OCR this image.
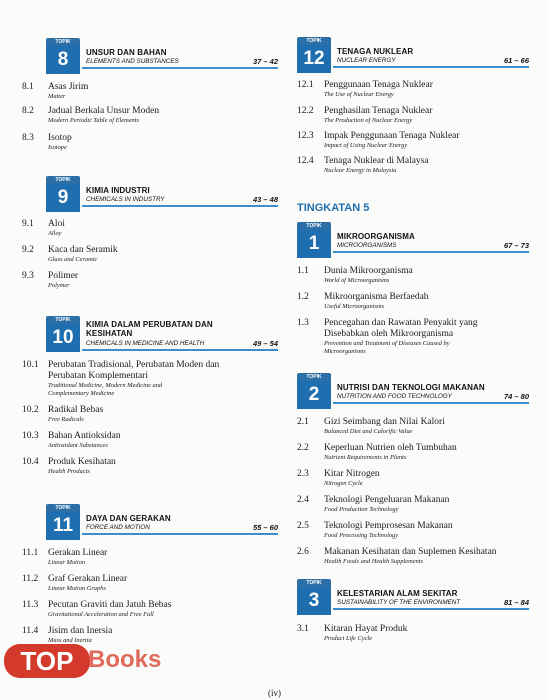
TOPIK
8	UNSUR DAN BAHAN
ELEMENTS AND SUBSTANCES	37 – 42
8.1 Asas Jirim
Matter
8.2 Jadual Berkala Unsur Moden
Modern Periodic Table of Elements
8.3 Isotop
Isotope
TOPIK
9	KIMIA INDUSTRI
CHEMICALS IN INDUSTRY	43 – 48
9.1 Aloi
Alloy
9.2 Kaca dan Seramik
Glass and Ceramic
9.3 Polimer
Polymer
TOPIK
10
KIMIA DALAM PERUBATAN DAN
KESIHATAN
CHEMICALS IN MEDICINE AND HEALTH	49 – 54
10.1 Perubatan Tradisional, Perubatan Moden dan
Perubatan Komplementari
Traditional Medicine, Modern Medicine and
Complementary Medicine
10.2 Radikal Bebas
Free Radicals
10.3 Bahan Antioksidan
Antioxidant Substances
10.4 Produk Kesihatan
Health Products
TOPIK
11	DAYA DAN GERAKAN
FORCE AND MOTION	55 – 60
11.1 Gerakan Linear
Linear Motion
11.2 Graf Gerakan Linear
Linear Motion Graphs
11.3 Pecutan Graviti dan Jatuh Bebas
Gravitational Acceleration and Free Fall
11.4 Jisim dan Inersia
Mass and Inertia
TINGKATAN 5
TOPIK
12	TENAGA NUKLEAR
NUCLEAR ENERGY	61 – 66
12.1 Penggunaan Tenaga Nuklear
The Use of Nuclear Energy
12.2 Penghasilan Tenaga Nuklear
The Production of Nuclear Energy
12.3 Impak Penggunaan Tenaga Nuklear
Impact of Using Nuclear Energy
12.4 Tenaga Nuklear di Malaysa
Nuclear Energy in Malaysia
TOPIK
1	MIKROORGANISMA
MICROORGANISMS	67 – 73
1.1 Dunia Mikroorganisma
World of Microorganisms
1.2 Mikroorganisma Berfaedah
Useful Microorganisms
1.3 Pencegahan dan Rawatan Penyakit yang
Disebabkan oleh Mikroorganisma
Prevention and Treatment of Diseases Caused by
Microorganisms
TOPIK
2	NUTRISI DAN TEKNOLOGI MAKANAN
NUTRITION AND FOOD TECHNOLOGY	74 – 80
2.1 Gizi Seimbang dan Nilai Kalori
Balanced Diet and Calorific Value
2.2 Keperluan Nutrien oleh Tumbuhan
Nutrient Requirements in Plants
2.3 Kitar Nitrogen
Nitrogen Cycle
2.4 Teknologi Pengeluaran Makanan
Food Production Technology
2.5 Teknologi Pemprosesan Makanan
Food Processing Technology
2.6 Makanan Kesihatan dan Suplemen Kesihatan
Health Foods and Health Supplements
TOPIK
3	KELESTARIAN ALAM SEKITAR
SUSTAINABILITY OF THE ENVIRONMENT	81 – 84
3.1 Kitaran Hayat Produk
Product Life Cycle
TOP Books
(iv)
